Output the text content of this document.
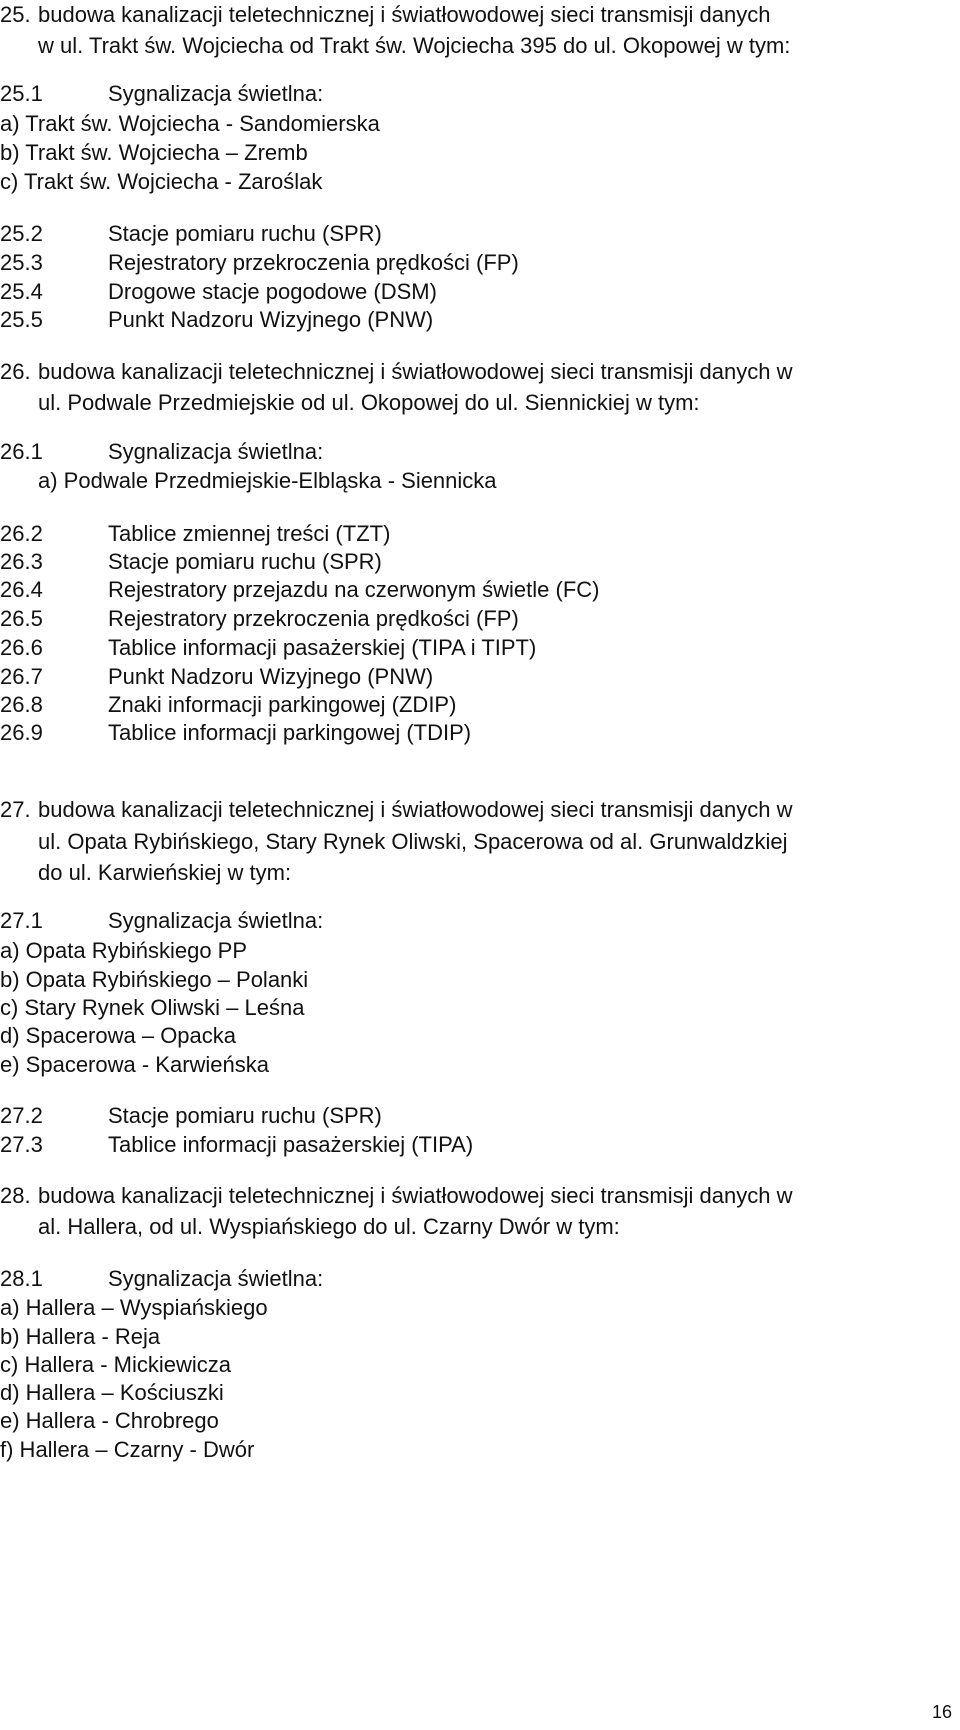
25. budowa kanalizacji teletechnicznej i światłowodowej sieci transmisji danych
w ul. Trakt św. Wojciecha od Trakt św. Wojciecha 395 do ul. Okopowej w tym:
25.1	Sygnalizacja świetlna:
a) Trakt św. Wojciecha - Sandomierska
b) Trakt św. Wojciecha – Zremb
c) Trakt św. Wojciecha - Zaroślak
25.2	Stacje pomiaru ruchu (SPR)
25.3	Rejestratory przekroczenia prędkości (FP)
25.4	Drogowe stacje pogodowe (DSM)
25.5	Punkt Nadzoru Wizyjnego (PNW)
26. budowa kanalizacji teletechnicznej i światłowodowej sieci transmisji danych w
ul. Podwale Przedmiejskie od ul. Okopowej do ul. Siennickiej w tym:
26.1	Sygnalizacja świetlna:
a) Podwale Przedmiejskie-Elbląska - Siennicka
26.2	Tablice zmiennej treści (TZT)
26.3	Stacje pomiaru ruchu (SPR)
26.4	Rejestratory przejazdu na czerwonym świetle (FC)
26.5	Rejestratory przekroczenia prędkości (FP)
26.6	Tablice informacji pasażerskiej (TIPA i TIPT)
26.7	Punkt Nadzoru Wizyjnego (PNW)
26.8	Znaki informacji parkingowej (ZDIP)
26.9	Tablice informacji parkingowej (TDIP)
27. budowa kanalizacji teletechnicznej i światłowodowej sieci transmisji danych w
ul. Opata Rybińskiego, Stary Rynek Oliwski, Spacerowa od al. Grunwaldzkiej
do ul. Karwieńskiej w tym:
27.1	Sygnalizacja świetlna:
a) Opata Rybińskiego PP
b) Opata Rybińskiego – Polanki
c) Stary Rynek Oliwski – Leśna
d) Spacerowa – Opacka
e) Spacerowa - Karwieńska
27.2	Stacje pomiaru ruchu (SPR)
27.3	Tablice informacji pasażerskiej (TIPA)
28. budowa kanalizacji teletechnicznej i światłowodowej sieci transmisji danych w
al. Hallera, od ul. Wyspiańskiego do ul. Czarny Dwór w tym:
28.1	Sygnalizacja świetlna:
a) Hallera – Wyspiańskiego
b) Hallera - Reja
c) Hallera - Mickiewicza
d) Hallera – Kościuszki
e) Hallera - Chrobrego
f) Hallera – Czarny - Dwór
16
